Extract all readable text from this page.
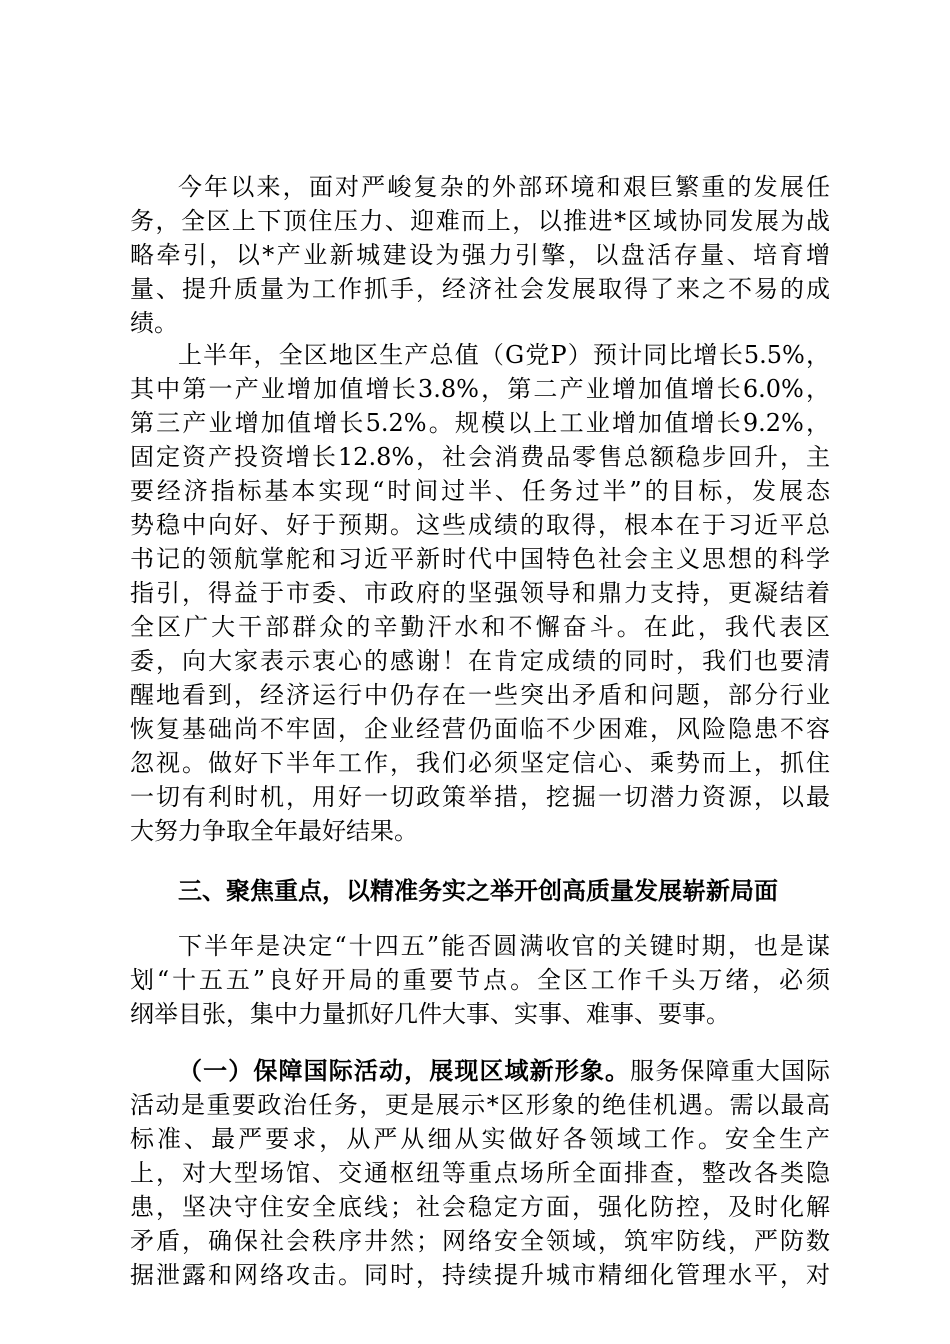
今年以来，面对严峻复杂的外部环境和艰巨繁重的发展任
务，全区上下顶住压力、迎难而上，以推进*区域协同发展为战
略牵引，以*产业新城建设为强力引擎，以盘活存量、培育增
量、提升质量为工作抓手，经济社会发展取得了来之不易的成
绩。
上半年，全区地区生产总值（G党P）预计同比增长5.5%，
其中第一产业增加值增长3.8%，第二产业增加值增长6.0%，
第三产业增加值增长5.2%。规模以上工业增加值增长9.2%，
固定资产投资增长12.8%，社会消费品零售总额稳步回升，主
要经济指标基本实现“时间过半、任务过半”的目标，发展态
势稳中向好、好于预期。这些成绩的取得，根本在于习近平总
书记的领航掌舵和习近平新时代中国特色社会主义思想的科学
指引，得益于市委、市政府的坚强领导和鼎力支持，更凝结着
全区广大干部群众的辛勤汗水和不懈奋斗。在此，我代表区
委，向大家表示衷心的感谢！在肯定成绩的同时，我们也要清
醒地看到，经济运行中仍存在一些突出矛盾和问题，部分行业
恢复基础尚不牢固，企业经营仍面临不少困难，风险隐患不容
忽视。做好下半年工作，我们必须坚定信心、乘势而上，抓住
一切有利时机，用好一切政策举措，挖掘一切潜力资源，以最
大努力争取全年最好结果。
三、聚焦重点，以精准务实之举开创高质量发展崭新局面
下半年是决定“十四五”能否圆满收官的关键时期，也是谋
划“十五五”良好开局的重要节点。全区工作千头万绪，必须
纲举目张，集中力量抓好几件大事、实事、难事、要事。
（一）保障国际活动，展现区域新形象。服务保障重大国际
活动是重要政治任务，更是展示*区形象的绝佳机遇。需以最高
标准、最严要求，从严从细从实做好各领域工作。安全生产
上，对大型场馆、交通枢纽等重点场所全面排查，整改各类隐
患，坚决守住安全底线；社会稳定方面，强化防控，及时化解
矛盾，确保社会秩序井然；网络安全领域，筑牢防线，严防数
据泄露和网络攻击。同时，持续提升城市精细化管理水平，对
